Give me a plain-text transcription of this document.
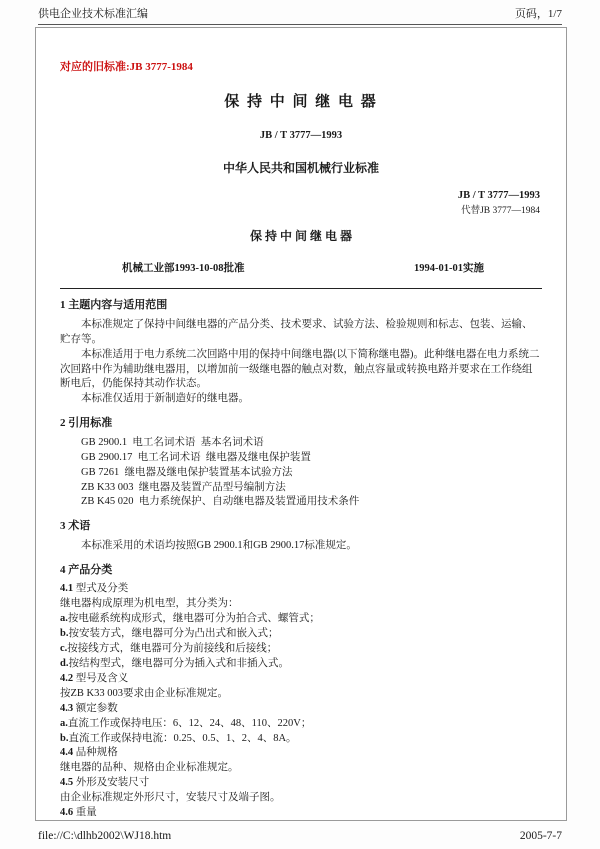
供电企业技术标准汇编	页码，1/7
对应的旧标准:JB 3777-1984
保 持 中 间 继 电 器
JB / T 3777—1993
中华人民共和国机械行业标准
JB / T 3777—1993
代替JB 3777—1984
保 持 中 间 继 电 器
机械工业部1993-10-08批准	1994-01-01实施
1 主题内容与适用范围
本标准规定了保持中间继电器的产品分类、技术要求、试验方法、检验规则和标志、包装、运输、贮存等。
本标准适用于电力系统二次回路中用的保持中间继电器(以下简称继电器)。此种继电器在电力系统二次回路中作为辅助继电器用，以增加前一级继电器的触点对数，触点容量或转换电路并要求在工作绕组断电后，仍能保持其动作状态。
本标准仅适用于新制造好的继电器。
2 引用标准
GB 2900.1  电工名词术语  基本名词术语
GB 2900.17  电工名词术语  继电器及继电保护装置
GB 7261  继电器及继电保护装置基本试验方法
ZB K33 003  继电器及装置产品型号编制方法
ZB K45 020  电力系统保护、自动继电器及装置通用技术条件
3 术语
本标准采用的术语均按照GB 2900.1和GB 2900.17标准规定。
4 产品分类
4.1 型式及分类
继电器构成原理为机电型，其分类为：
a.按电磁系统构成形式，继电器可分为拍合式、螺管式；
b.按安装方式，继电器可分为凸出式和嵌入式；
c.按接线方式，继电器可分为前接线和后接线；
d.按结构型式，继电器可分为插入式和非插入式。
4.2 型号及含义
按ZB K33 003要求由企业标准规定。
4.3 额定参数
a.直流工作或保持电压：6、12、24、48、110、220V；
b.直流工作或保持电流：0.25、0.5、1、2、4、8A。
4.4 品种规格
继电器的品种、规格由企业标准规定。
4.5 外形及安装尺寸
由企业标准规定外形尺寸，安装尺寸及端子图。
4.6 重量
file://C:\dlhb2002\WJ18.htm	2005-7-7
